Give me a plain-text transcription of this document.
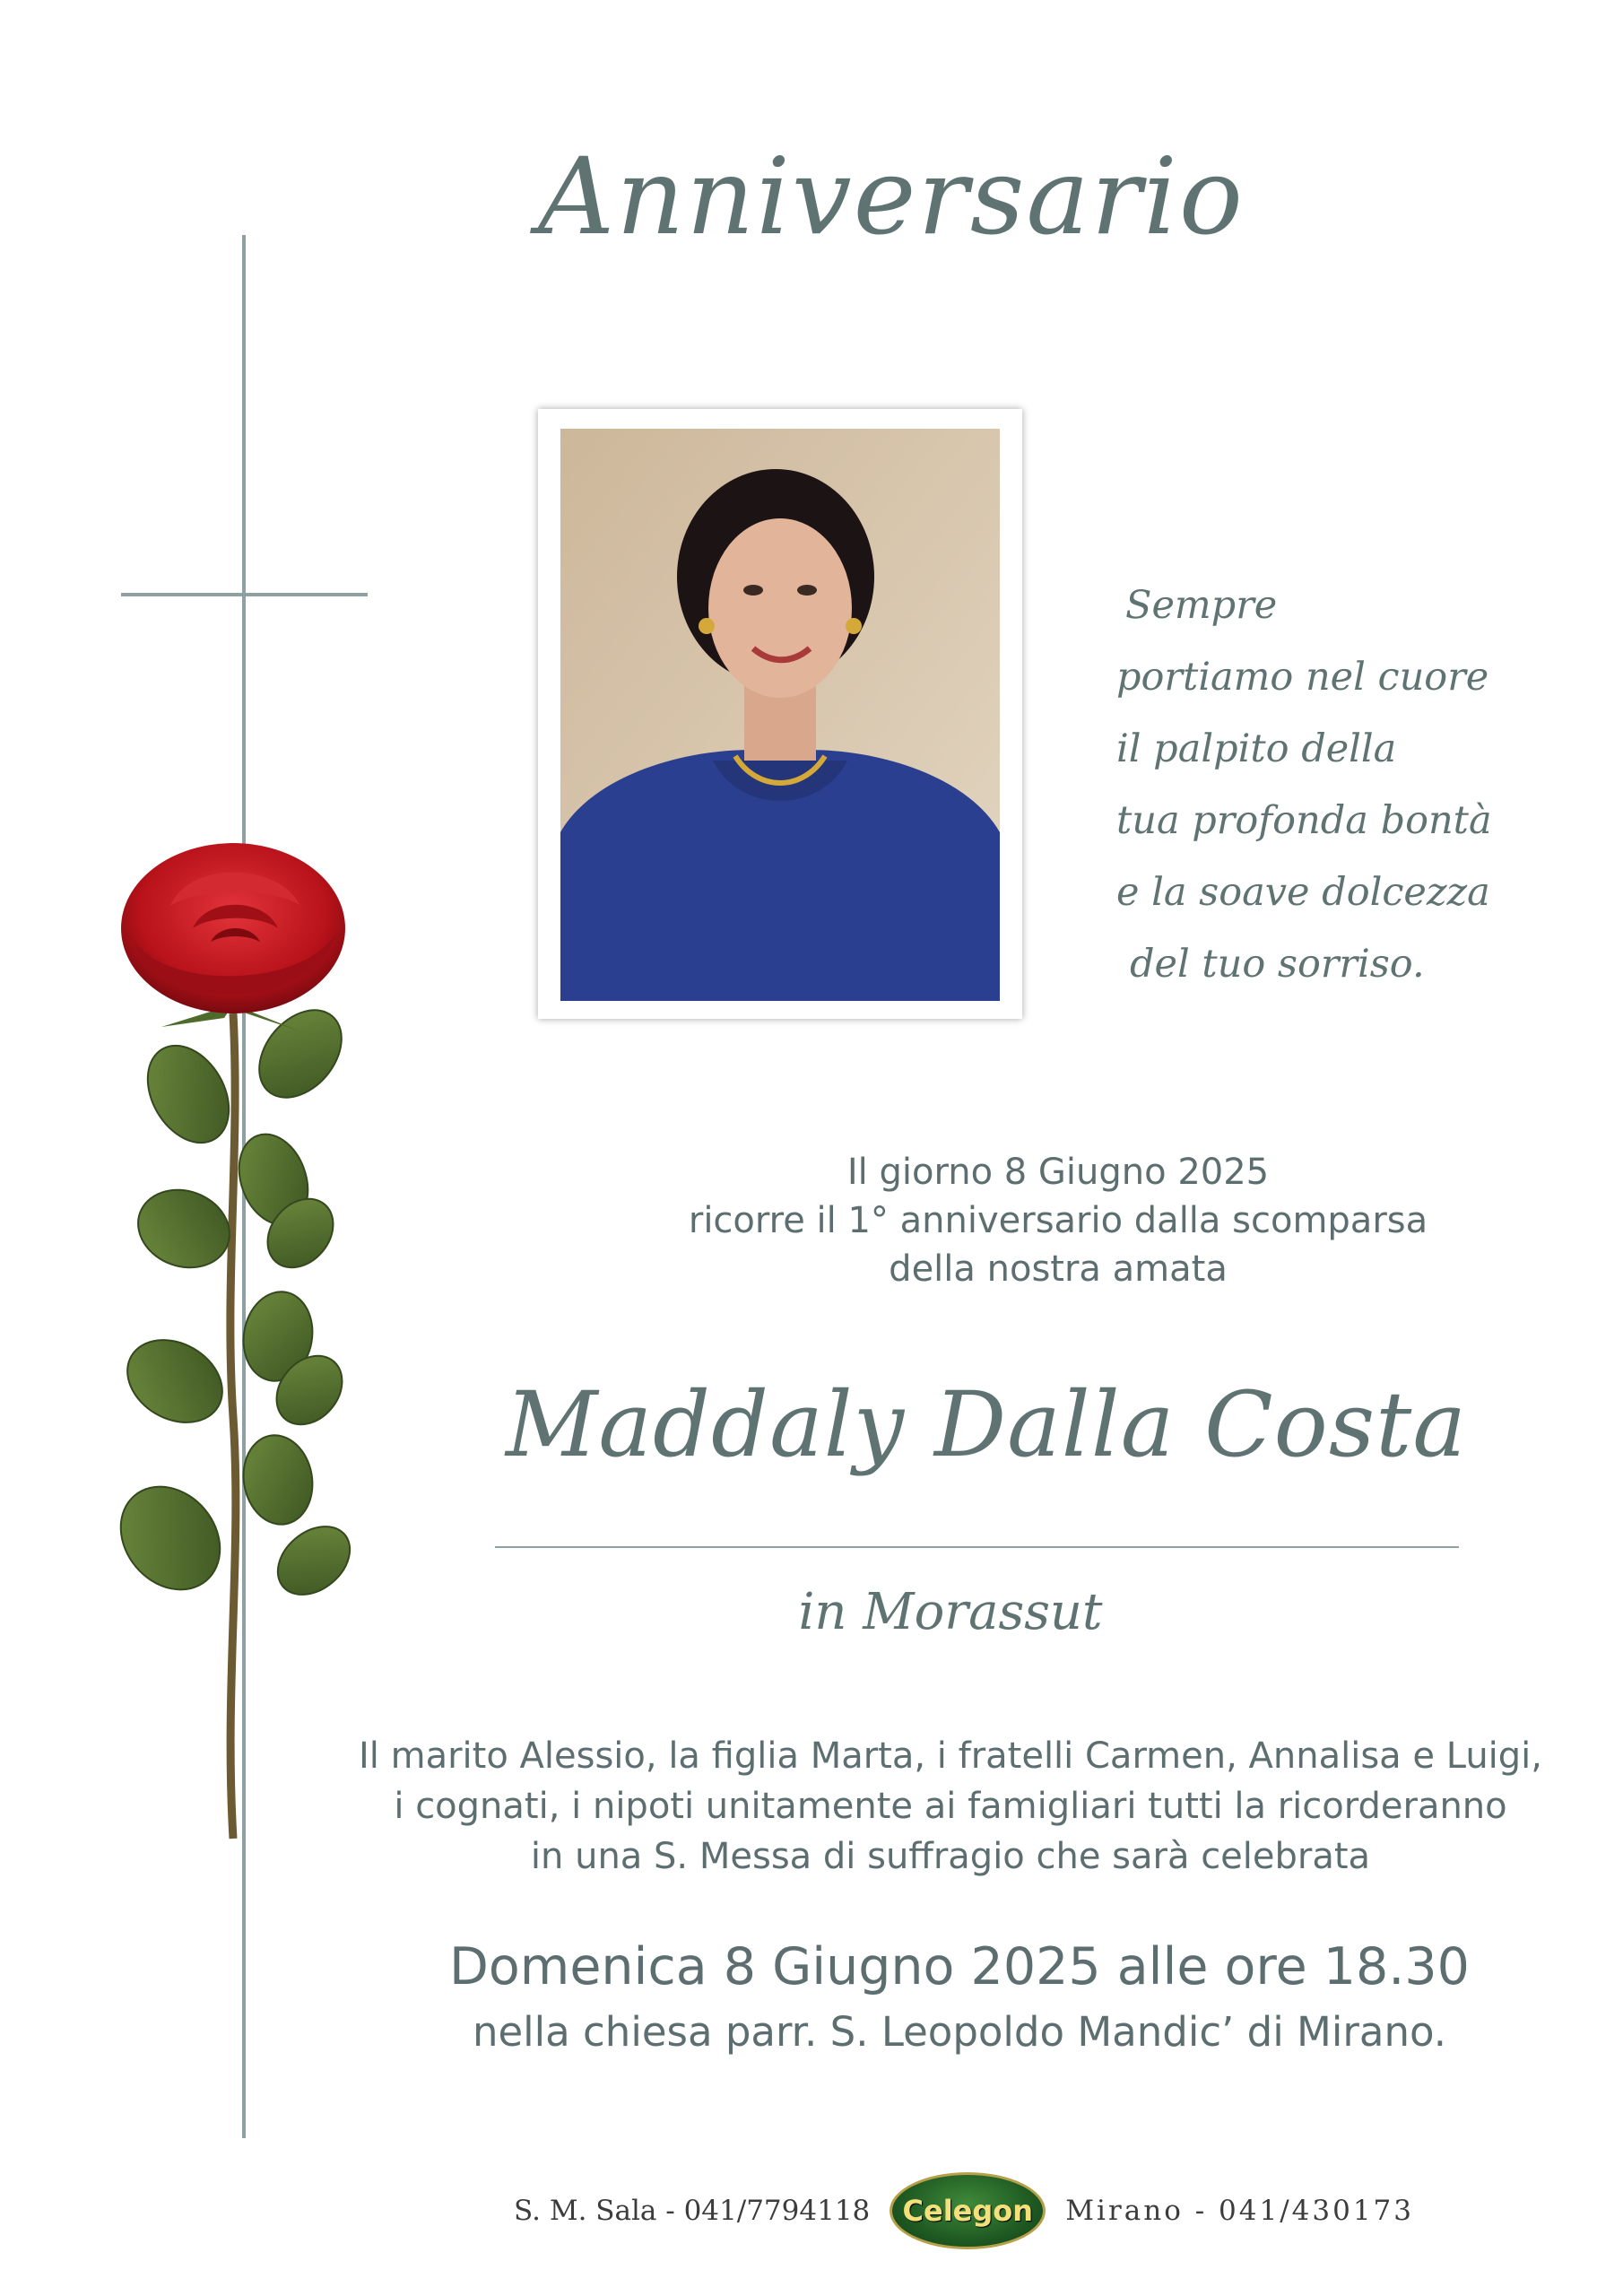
Anniversario
Sempre
portiamo nel cuore
il palpito della
tua profonda bontà
e la soave dolcezza
del tuo sorriso.
Il giorno 8 Giugno 2025
ricorre il 1° anniversario dalla scomparsa
della nostra amata
Maddaly Dalla Costa
in Morassut
Il marito Alessio, la figlia Marta, i fratelli Carmen, Annalisa e Luigi,
i cognati, i nipoti unitamente ai famigliari tutti la ricorderanno
in una S. Messa di suffragio che sarà celebrata
Domenica 8 Giugno 2025 alle ore 18.30
nella chiesa parr. S. Leopoldo Mandic’ di Mirano.
S. M. Sala - 041/7794118 Celegon Mirano - 041/430173
